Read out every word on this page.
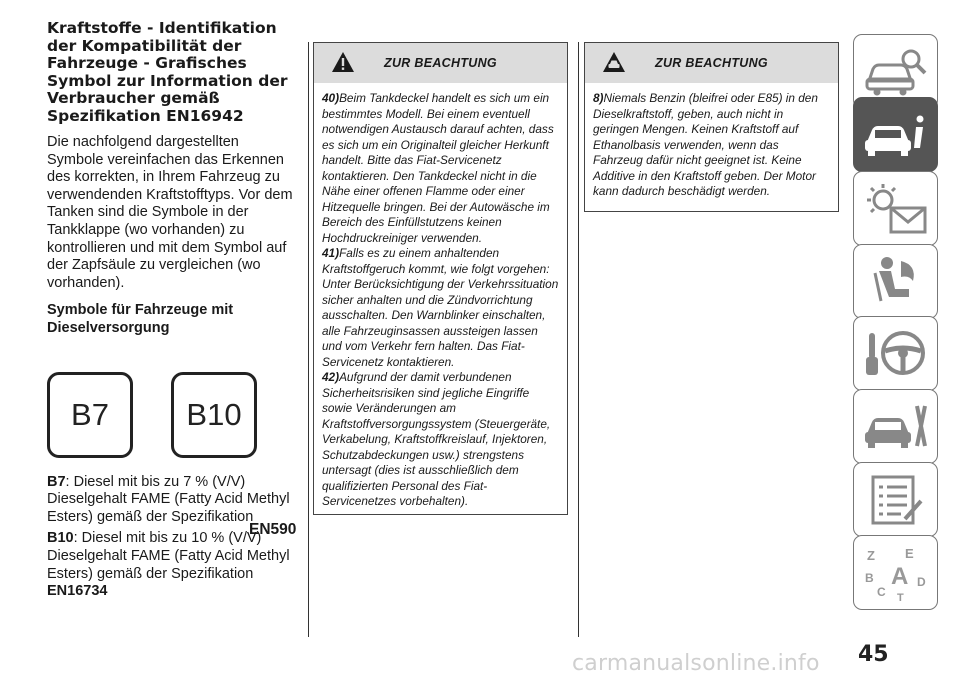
Kraftstoffe - Identifikation der Kompatibilität der Fahrzeuge - Grafisches Symbol zur Information der Verbraucher gemäß Spezifikation EN16942

Die nachfolgend dargestellten Symbole vereinfachen das Erkennen des korrekten, in Ihrem Fahrzeug zu verwendenden Kraftstofftyps. Vor dem Tanken sind die Symbole in der Tankklappe (wo vorhanden) zu kontrollieren und mit dem Symbol auf der Zapfsäule zu vergleichen (wo vorhanden).

Symbole für Fahrzeuge mit Dieselversorgung

B7 B10

B7: Diesel mit bis zu 7 % (V/V) Dieselgehalt FAME (Fatty Acid Methyl Esters) gemäß der Spezifikation

B10: Diesel mit bis zu 10 % (V/V) Dieselgehalt FAME (Fatty Acid Methyl Esters) gemäß der Spezifikation
EN16734

EN590
ZUR BEACHTUNG

40)Beim Tankdeckel handelt es sich um ein bestimmtes Modell. Bei einem eventuell notwendigen Austausch darauf achten, dass es sich um ein Originalteil gleicher Herkunft handelt. Bitte das Fiat-Servicenetz kontaktieren. Den Tankdeckel nicht in die Nähe einer offenen Flamme oder einer Hitzequelle bringen. Bei der Autowäsche im Bereich des Einfüllstutzens keinen Hochdruckreiniger verwenden.

41)Falls es zu einem anhaltenden Kraftstoffgeruch kommt, wie folgt vorgehen: Unter Berücksichtigung der Verkehrssituation sicher anhalten und die Zündvorrichtung ausschalten. Den Warnblinker einschalten, alle Fahrzeuginsassen aussteigen lassen und vom Verkehr fern halten. Das Fiat-Servicenetz kontaktieren.

42)Aufgrund der damit verbundenen Sicherheitsrisiken sind jegliche Eingriffe sowie Veränderungen am Kraftstoffversorgungssystem (Steuergeräte, Verkabelung, Kraftstoffkreislauf, Injektoren, Schutzabdeckungen usw.) strengstens untersagt (dies ist ausschließlich dem qualifizierten Personal des Fiat-Servicenetzes vorbehalten).

ZUR BEACHTUNG

8)Niemals Benzin (bleifrei oder E85) in den Dieselkraftstoff, geben, auch nicht in geringen Mengen. Keinen Kraftstoff auf Ethanolbasis verwenden, wenn das Fahrzeug dafür nicht geeignet ist. Keine Additive in den Kraftstoff geben. Der Motor kann dadurch beschädigt werden.

Z E
B A
C
D
T
45
carmanualsonline.info
